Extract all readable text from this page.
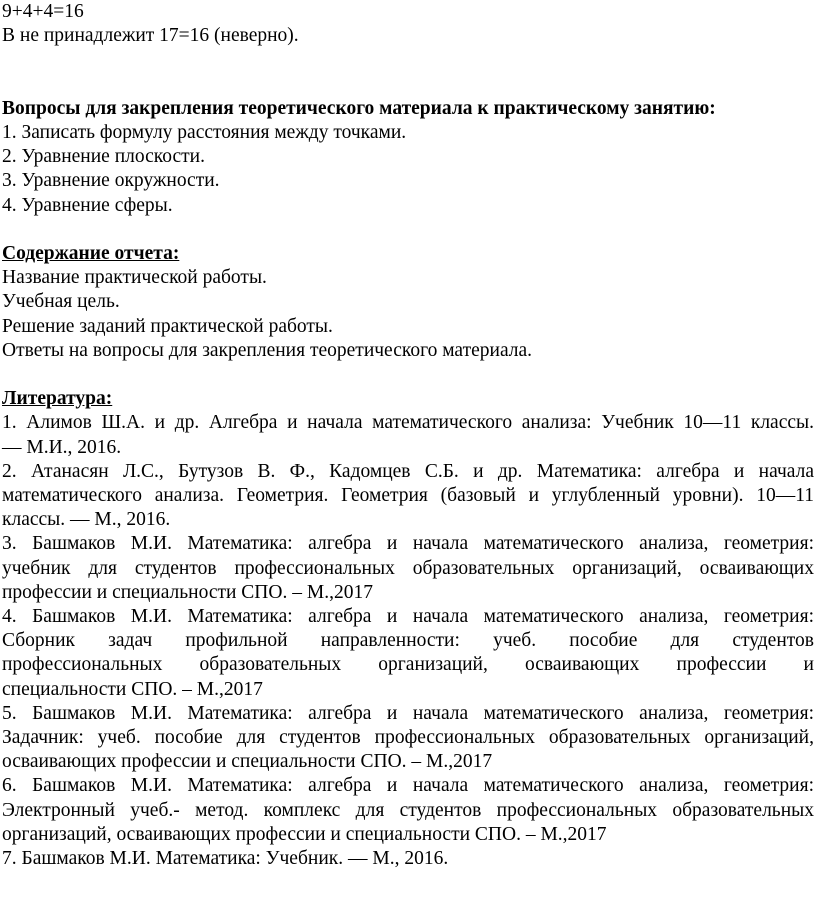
9+4+4=16

В не принадлежит 17=16 (неверно).

Вопросы для закрепления теоретического материала к практическому занятию:

1. Записать формулу расстояния между точками.

2. Уравнение плоскости.

3. Уравнение окружности.

4. Уравнение сферы.

Содержание отчета:

Название практической работы.

Учебная цель.

Решение заданий практической работы.

Ответы на вопросы для закрепления теоретического материала.

Литература:

1. Алимов Ш.А. и др. Алгебра и начала математического анализа: Учебник 10—11 классы.

— М.И., 2016.

2. Атанасян Л.С., Бутузов В. Ф., Кадомцев С.Б. и др. Математика: алгебра и начала

математического анализа. Геометрия. Геометрия (базовый и углубленный уровни). 10—11

классы. — М., 2016.

3. Башмаков М.И. Математика: алгебра и начала математического анализа, геометрия:

учебник для студентов профессиональных образовательных организаций, осваивающих

профессии и специальности СПО. – М.,2017

4. Башмаков М.И. Математика: алгебра и начала математического анализа, геометрия:

Сборник задач профильной направленности: учеб. пособие для студентов

профессиональных образовательных организаций, осваивающих профессии и

специальности СПО. – М.,2017

5. Башмаков М.И. Математика: алгебра и начала математического анализа, геометрия:

Задачник: учеб. пособие для студентов профессиональных образовательных организаций,

осваивающих профессии и специальности СПО. – М.,2017

6. Башмаков М.И. Математика: алгебра и начала математического анализа, геометрия:

Электронный учеб.- метод. комплекс для студентов профессиональных образовательных

организаций, осваивающих профессии и специальности СПО. – М.,2017

7. Башмаков М.И. Математика: Учебник. — М., 2016.
